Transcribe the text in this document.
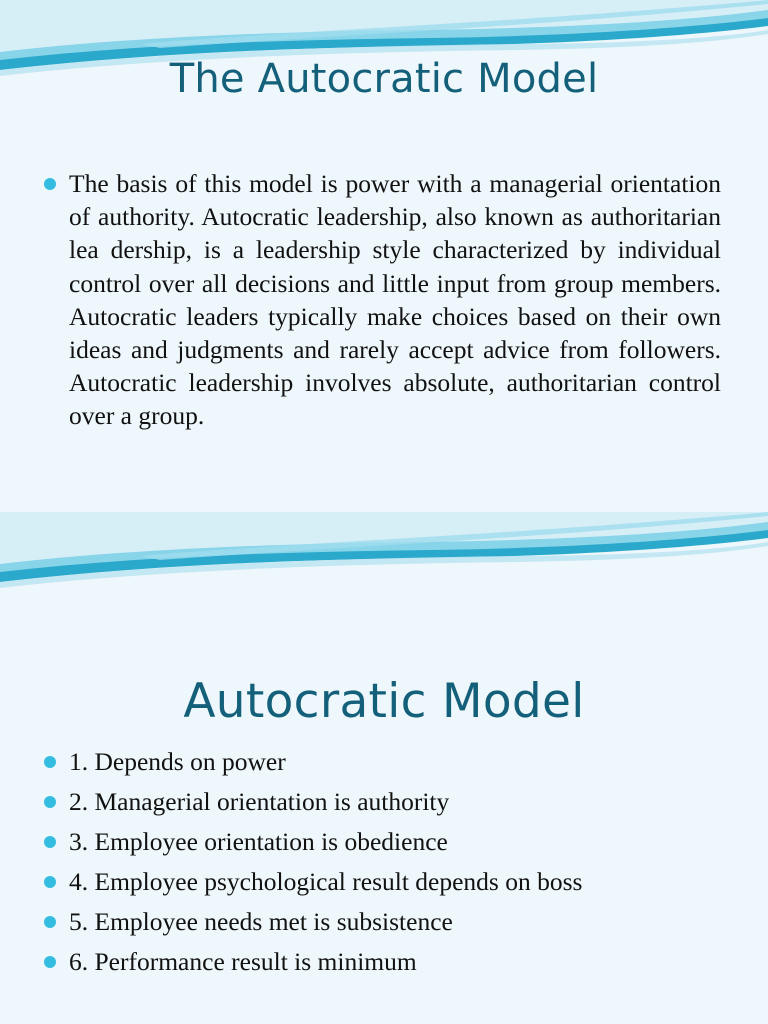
The Autocratic Model

The basis of this model is power with a managerial orientation of authority. Autocratic leadership, also known as authoritarian lea dership, is a leadership style characterized by individual control over all decisions and little input from group members. Autocratic leaders typically make choices based on their own ideas and judgments and rarely accept advice from followers. Autocratic leadership involves absolute, authoritarian control over a group.

Autocratic Model
1. Depends on power
2. Managerial orientation is authority
3. Employee orientation is obedience
4. Employee psychological result depends on boss
5. Employee needs met is subsistence
6. Performance result is minimum
